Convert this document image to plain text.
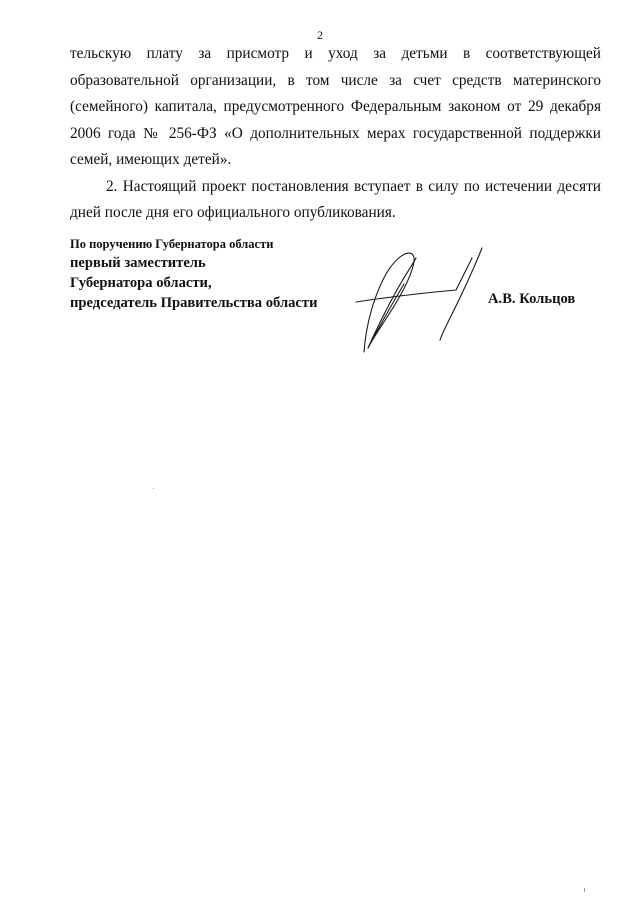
2

тельскую плату за присмотр и уход за детьми в соответствующей образовательной организации, в том числе за счет средств материнского (семейного) капитала, предусмотренного Федеральным законом от 29 декабря 2006 года № 256-ФЗ «О дополнительных мерах государственной поддержки семей, имеющих детей».

2. Настоящий проект постановления вступает в силу по истечении десяти дней после дня его официального опубликования.

По поручению Губернатора области
первый заместитель
Губернатора области,
председатель Правительства области	А.В. Кольцов
